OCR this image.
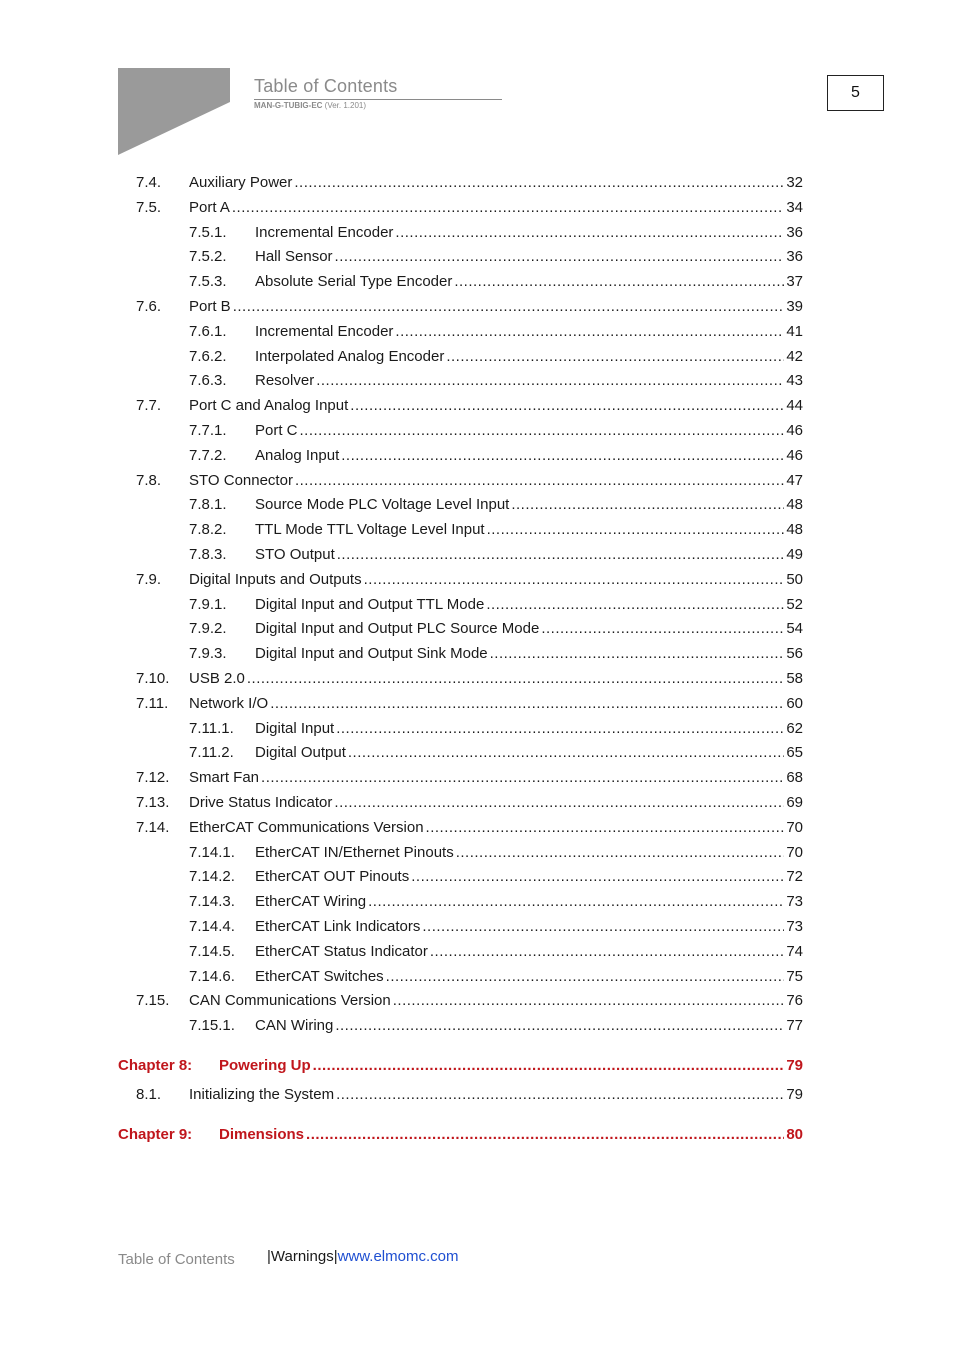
Table of Contents
MAN-G-TUBIG-EC (Ver. 1.201)
5
7.4. Auxiliary Power .....	32
7.5. Port A .....	34
7.5.1. Incremental Encoder .....	36
7.5.2. Hall Sensor .....	36
7.5.3. Absolute Serial Type Encoder .....	37
7.6. Port B .....	39
7.6.1. Incremental Encoder .....	41
7.6.2. Interpolated Analog Encoder .....	42
7.6.3. Resolver .....	43
7.7. Port C and Analog Input .....	44
7.7.1. Port C .....	46
7.7.2. Analog Input .....	46
7.8. STO Connector .....	47
7.8.1. Source Mode PLC Voltage Level Input .....	48
7.8.2. TTL Mode TTL Voltage Level Input .....	48
7.8.3. STO Output .....	49
7.9. Digital Inputs and Outputs .....	50
7.9.1. Digital Input and Output TTL Mode .....	52
7.9.2. Digital Input and Output PLC Source Mode .....	54
7.9.3. Digital Input and Output Sink Mode .....	56
7.10. USB 2.0 .....	58
7.11. Network I/O .....	60
7.11.1. Digital Input .....	62
7.11.2. Digital Output .....	65
7.12. Smart Fan .....	68
7.13. Drive Status Indicator .....	69
7.14. EtherCAT Communications Version .....	70
7.14.1. EtherCAT IN/Ethernet Pinouts .....	70
7.14.2. EtherCAT OUT Pinouts .....	72
7.14.3. EtherCAT Wiring .....	73
7.14.4. EtherCAT Link Indicators .....	73
7.14.5. EtherCAT Status Indicator .....	74
7.14.6. EtherCAT Switches .....	75
7.15. CAN Communications Version .....	76
7.15.1. CAN Wiring .....	77
Chapter 8: Powering Up .....	79
8.1. Initializing the System .....	79
Chapter 9: Dimensions .....	80
Table of Contents |Warnings|www.elmomc.com
